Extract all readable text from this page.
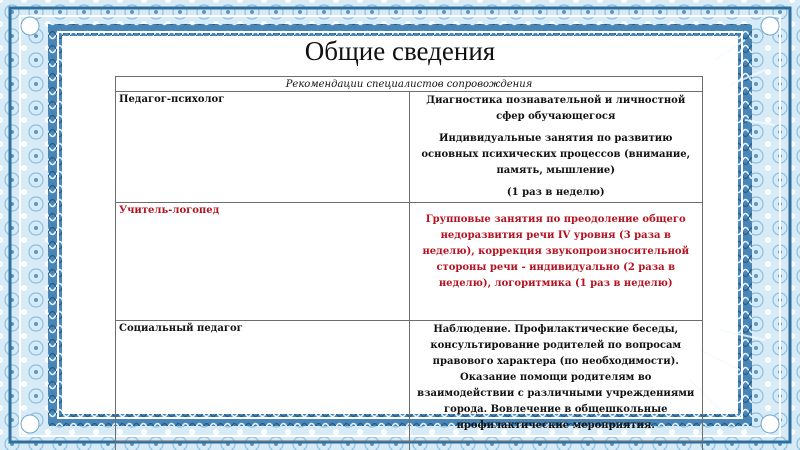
Общие сведения
Рекомендации специалистов сопровождения	
Педагог-психолог	Диагностика познавательной и личностной сфер обучающегося
Индивидуальные занятия по развитию основных психических процессов (внимание, память, мышление)
(1 раз в неделю)

Учитель-логопед	Групповые занятия по преодоление общего недоразвития речи IV уровня (3 раза в неделю), коррекция звукопроизносительной стороны речи - индивидуально (2 раза в неделю), логоритмика (1 раз в неделю)

Социальный педагог	Наблюдение. Профилактические беседы, консультирование родителей по вопросам правового характера (по необходимости). Оказание помощи родителям во взаимодействии с различными учреждениями города. Вовлечение в общешкольные профилактические мероприятия.
